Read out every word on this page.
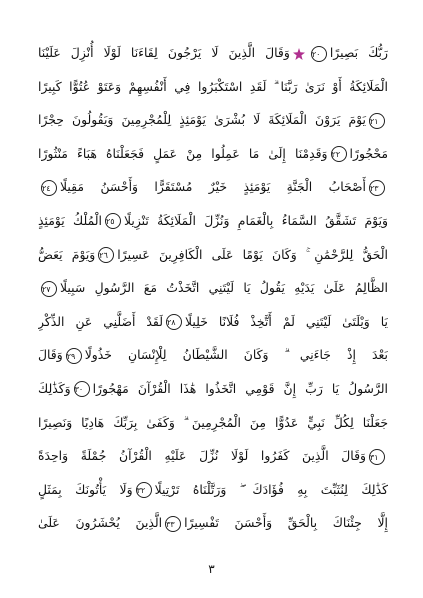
رَبُّكَ بَصِيرًا٢٠وَقَالَ الَّذِينَ لَا يَرْجُونَ لِقَاءَنَا لَوْلَا أُنْزِلَ عَلَيْنَا
الْمَلَائِكَةُ أَوْ نَرَىٰ رَبَّنَا ۗ لَقَدِ اسْتَكْبَرُوا فِي أَنْفُسِهِمْ وَعَتَوْ عُتُوًّا كَبِيرًا
٢١يَوْمَ يَرَوْنَ الْمَلَائِكَةَ لَا بُشْرَىٰ يَوْمَئِذٍ لِلْمُجْرِمِينَ وَيَقُولُونَ حِجْرًا
مَحْجُورًا٢٢وَقَدِمْنَا إِلَىٰ مَا عَمِلُوا مِنْ عَمَلٍ فَجَعَلْنَاهُ هَبَاءً مَنْثُورًا
٢٣أَصْحَابُ الْجَنَّةِ يَوْمَئِذٍ خَيْرٌ مُسْتَقَرًّا وَأَحْسَنُ مَقِيلًا٢٤
وَيَوْمَ تَشَقَّقُ السَّمَاءُ بِالْغَمَامِ وَنُزِّلَ الْمَلَائِكَةُ تَنْزِيلًا٢٥الْمُلْكُ يَوْمَئِذٍ
الْحَقُّ لِلرَّحْمَٰنِ ۚ وَكَانَ يَوْمًا عَلَى الْكَافِرِينَ عَسِيرًا٢٦وَيَوْمَ يَعَضُّ
الظَّالِمُ عَلَىٰ يَدَيْهِ يَقُولُ يَا لَيْتَنِي اتَّخَذْتُ مَعَ الرَّسُولِ سَبِيلًا٢٧
يَا وَيْلَتَىٰ لَيْتَنِي لَمْ أَتَّخِذْ فُلَانًا خَلِيلًا٢٨لَقَدْ أَضَلَّنِي عَنِ الذِّكْرِ
بَعْدَ إِذْ جَاءَنِي ۗ وَكَانَ الشَّيْطَانُ لِلْإِنْسَانِ خَذُولًا٢٩وَقَالَ
الرَّسُولُ يَا رَبِّ إِنَّ قَوْمِي اتَّخَذُوا هَٰذَا الْقُرْآنَ مَهْجُورًا٣٠وَكَذَٰلِكَ
جَعَلْنَا لِكُلِّ نَبِيٍّ عَدُوًّا مِنَ الْمُجْرِمِينَ ۗ وَكَفَىٰ بِرَبِّكَ هَادِيًا وَنَصِيرًا
٣١وَقَالَ الَّذِينَ كَفَرُوا لَوْلَا نُزِّلَ عَلَيْهِ الْقُرْآنُ جُمْلَةً وَاحِدَةً
كَذَٰلِكَ لِنُثَبِّتَ بِهِ فُؤَادَكَ ۖ وَرَتَّلْنَاهُ تَرْتِيلًا٣٢وَلَا يَأْتُونَكَ بِمَثَلٍ
إِلَّا جِئْنَاكَ بِالْحَقِّ وَأَحْسَنَ تَفْسِيرًا٣٣الَّذِينَ يُحْشَرُونَ عَلَىٰ
٣
